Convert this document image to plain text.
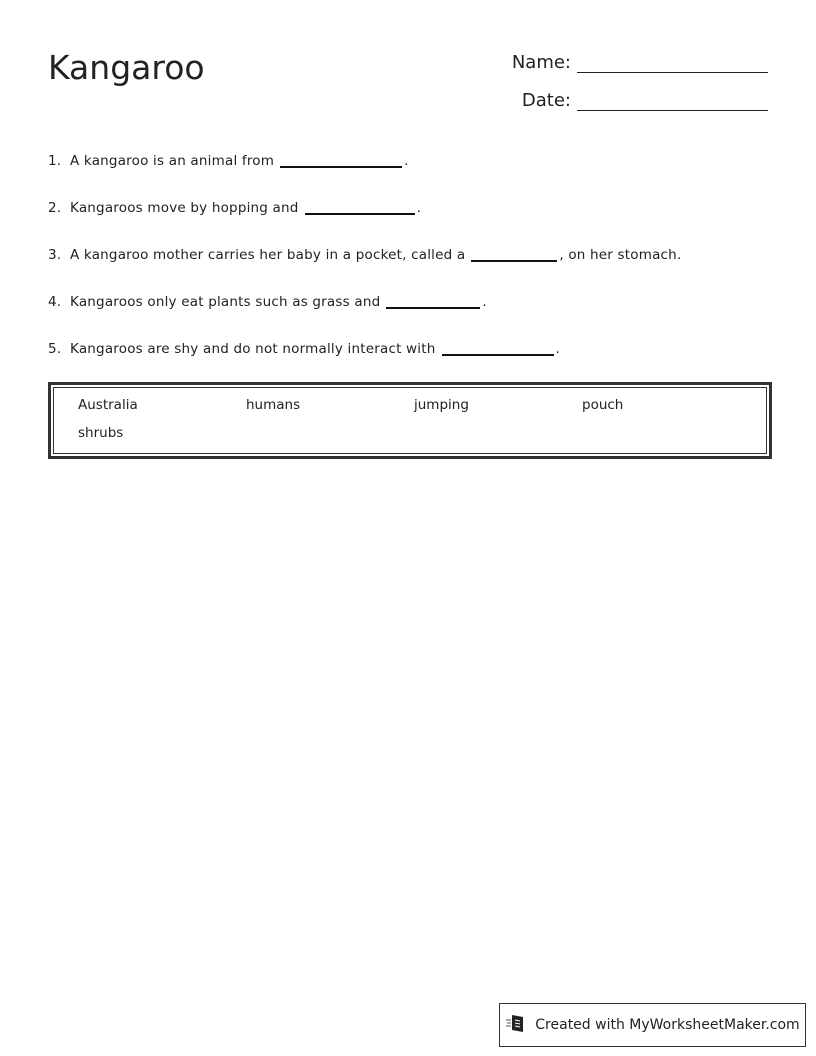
Kangaroo	Name:
Date:
1. A kangaroo is an animal from	.
2. Kangaroos move by hopping and	.
3. A kangaroo mother carries her baby in a pocket, called a	, on her stomach.
4. Kangaroos only eat plants such as grass and	.
5. Kangaroos are shy and do not normally interact with	.
Australia	humans	jumping	pouch
shrubs
Created with MyWorksheetMaker.com
